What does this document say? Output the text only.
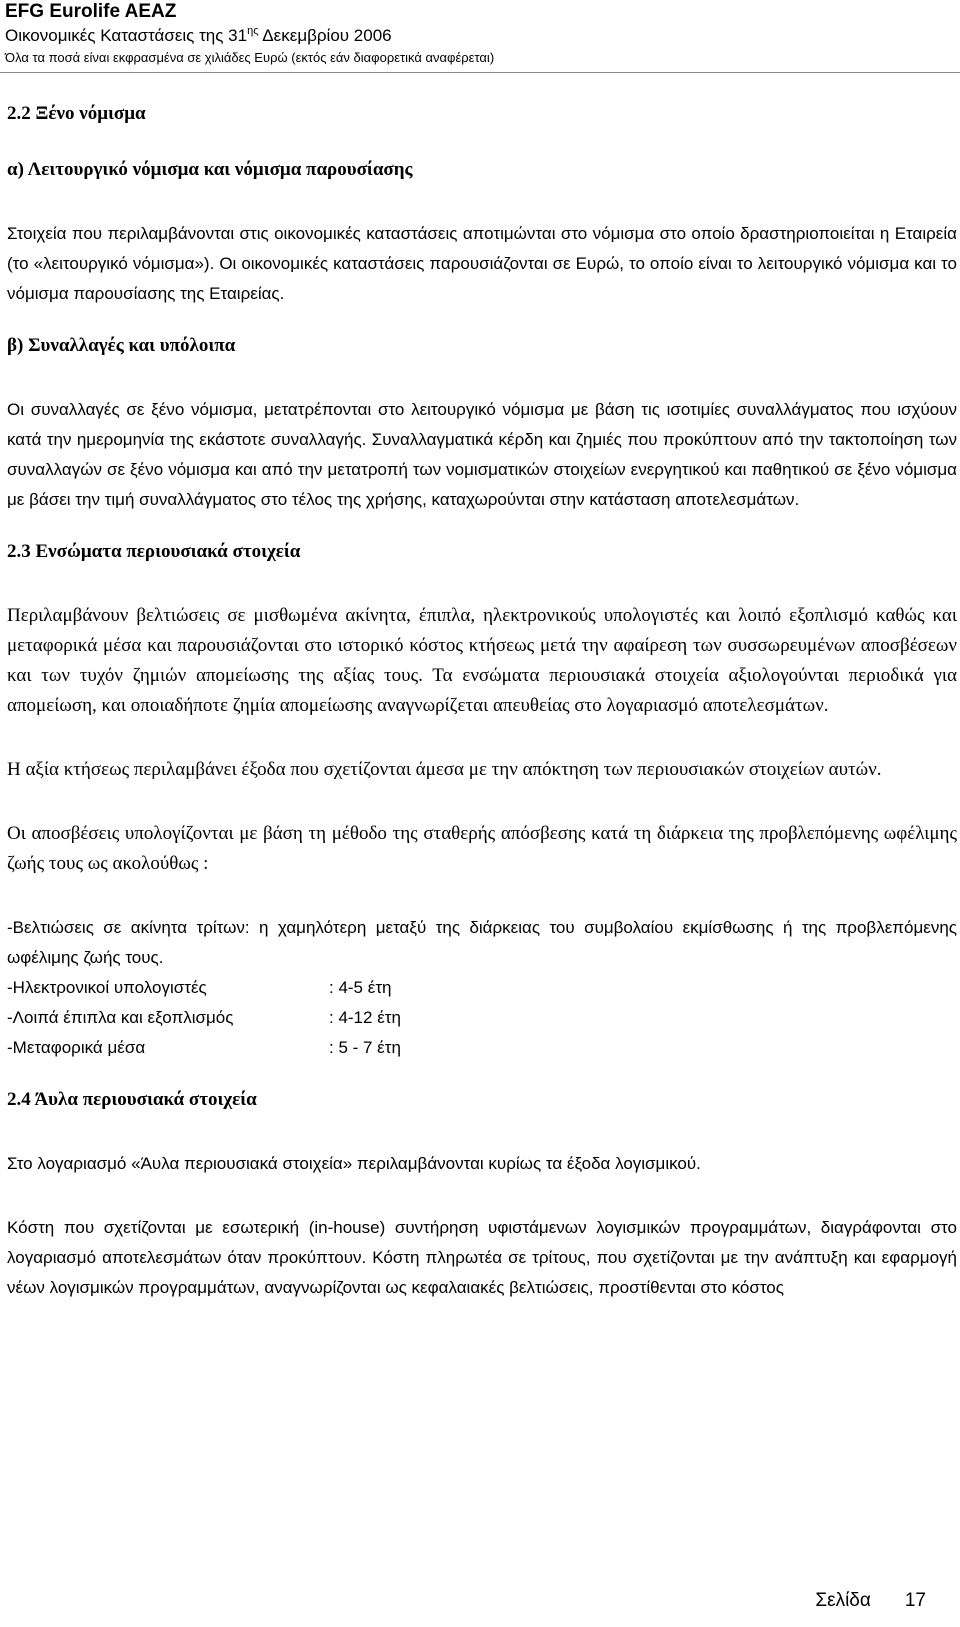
EFG Eurolife AEAZ
Οικονομικές Καταστάσεις της $31^{\eta\varsigma}$ Δεκεμβρίου 2006
Όλα τα ποσά είναι εκφρασμένα σε χιλιάδες Ευρώ (εκτός εάν διαφορετικά αναφέρεται)
2.2 Ξένο νόμισμα
α) Λειτουργικό νόμισμα και νόμισμα παρουσίασης

Στοιχεία που περιλαμβάνονται στις οικονομικές καταστάσεις αποτιμώνται στο νόμισμα στο οποίο δραστηριοποιείται η Εταιρεία (το «λειτουργικό νόμισμα»). Οι οικονομικές καταστάσεις παρουσιάζονται σε Ευρώ, το οποίο είναι το λειτουργικό νόμισμα και το νόμισμα παρουσίασης της Εταιρείας.

β) Συναλλαγές και υπόλοιπα

Οι συναλλαγές σε ξένο νόμισμα, μετατρέπονται στο λειτουργικό νόμισμα με βάση τις ισοτιμίες συναλλάγματος που ισχύουν κατά την ημερομηνία της εκάστοτε συναλλαγής. Συναλλαγματικά κέρδη και ζημιές που προκύπτουν από την τακτοποίηση των συναλλαγών σε ξένο νόμισμα και από την μετατροπή των νομισματικών στοιχείων ενεργητικού και παθητικού σε ξένο νόμισμα με βάσει την τιμή συναλλάγματος στο τέλος της χρήσης, καταχωρούνται στην κατάσταση αποτελεσμάτων.

2.3 Ενσώματα περιουσιακά στοιχεία

Περιλαμβάνουν βελτιώσεις σε μισθωμένα ακίνητα, έπιπλα, ηλεκτρονικούς υπολογιστές και λοιπό εξοπλισμό καθώς και μεταφορικά μέσα και παρουσιάζονται στο ιστορικό κόστος κτήσεως μετά την αφαίρεση των συσσωρευμένων αποσβέσεων και των τυχόν ζημιών απομείωσης της αξίας τους. Τα ενσώματα περιουσιακά στοιχεία αξιολογούνται περιοδικά για απομείωση, και οποιαδήποτε ζημία απομείωσης αναγνωρίζεται απευθείας στο λογαριασμό αποτελεσμάτων.

Η αξία κτήσεως περιλαμβάνει έξοδα που σχετίζονται άμεσα με την απόκτηση των περιουσιακών στοιχείων αυτών.

Οι αποσβέσεις υπολογίζονται με βάση τη μέθοδο της σταθερής απόσβεσης κατά τη διάρκεια της προβλεπόμενης ωφέλιμης ζωής τους ως ακολούθως :

-Βελτιώσεις σε ακίνητα τρίτων: η χαμηλότερη μεταξύ της διάρκειας του συμβολαίου εκμίσθωσης ή της προβλεπόμενης ωφέλιμης ζωής τους.

-Ηλεκτρονικοί υπολογιστές	: 4-5 έτη
-Λοιπά έπιπλα και εξοπλισμός	: 4-12 έτη
-Μεταφορικά μέσα	: 5 - 7 έτη
2.4 Άυλα περιουσιακά στοιχεία

Στο λογαριασμό «Άυλα περιουσιακά στοιχεία» περιλαμβάνονται κυρίως τα έξοδα λογισμικού.

Κόστη που σχετίζονται με εσωτερική (in-house) συντήρηση υφιστάμενων λογισμικών προγραμμάτων, διαγράφονται στο λογαριασμό αποτελεσμάτων όταν προκύπτουν. Κόστη πληρωτέα σε τρίτους, που σχετίζονται με την ανάπτυξη και εφαρμογή νέων λογισμικών προγραμμάτων, αναγνωρίζονται ως κεφαλαιακές βελτιώσεις, προστίθενται στο κόστος

Σελίδα 17
